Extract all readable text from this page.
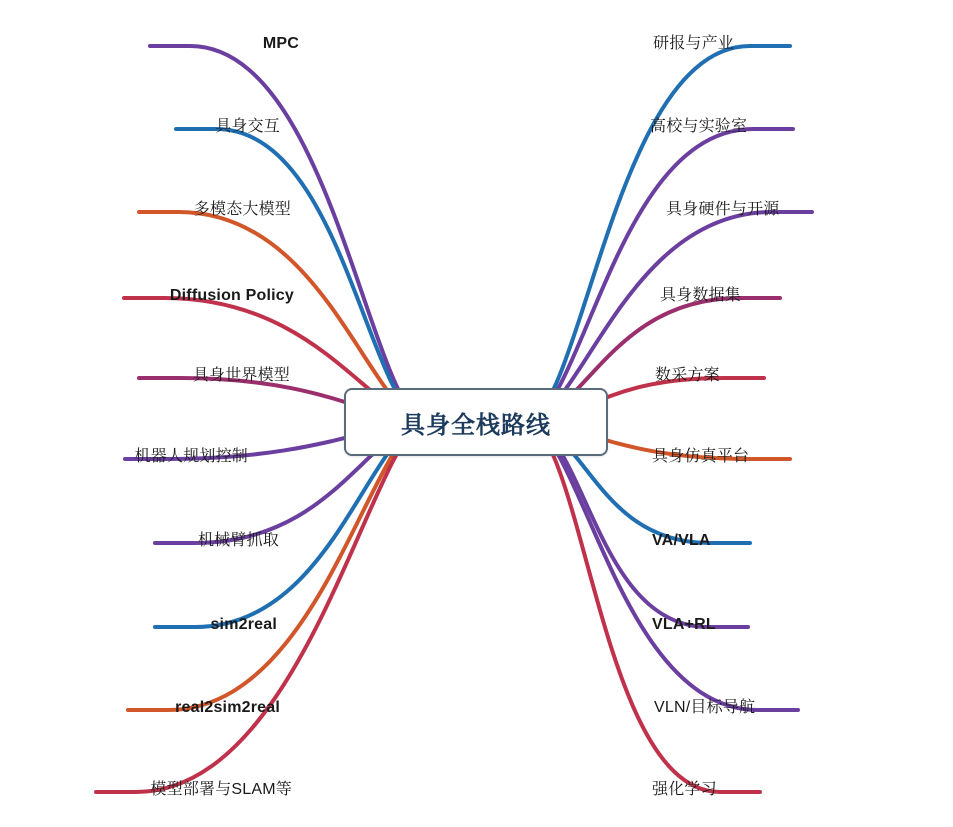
MPC
具身交互
多模态大模型
Diffusion Policy
具身世界模型
机器人规划控制
机械臂抓取
sim2real
real2sim2real
模型部署与SLAM等
研报与产业
高校与实验室
具身硬件与开源
具身数据集
数采方案
具身仿真平台
VA/VLA
VLA+RL
VLN/目标导航
强化学习
具身全栈路线
